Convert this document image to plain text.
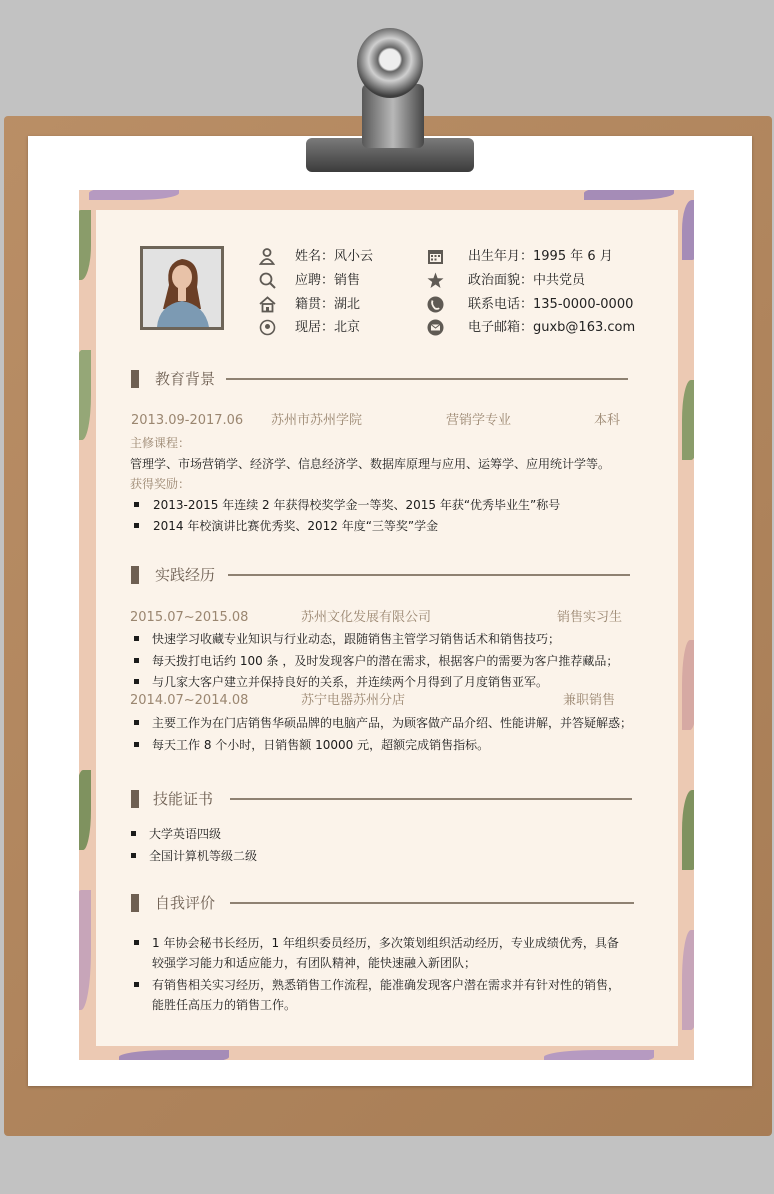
姓名：风小云
应聘：销售
籍贯：湖北
现居：北京
出生年月：1995 年 6 月
政治面貌：中共党员
联系电话：135-0000-0000
电子邮箱：guxb@163.com
教育背景
2013.09-2017.06 苏州市苏州学院	营销学专业	本科
主修课程：
管理学、市场营销学、经济学、信息经济学、数据库原理与应用、运筹学、应用统计学等。
获得奖励：
2013-2015 年连续 2 年获得校奖学金一等奖、2015 年获“优秀毕业生”称号
2014 年校演讲比赛优秀奖、2012 年度“三等奖”学金
实践经历
2015.07~2015.08	苏州文化发展有限公司	销售实习生
快速学习收藏专业知识与行业动态，跟随销售主管学习销售话术和销售技巧；
每天拨打电话约 100 条 ，及时发现客户的潜在需求，根据客户的需要为客户推荐藏品；
与几家大客户建立并保持良好的关系，并连续两个月得到了月度销售亚军。
2014.07~2014.08	苏宁电器苏州分店	兼职销售
主要工作为在门店销售华硕品牌的电脑产品，为顾客做产品介绍、性能讲解，并答疑解惑；
每天工作 8 个小时，日销售额 10000 元，超额完成销售指标。
技能证书
大学英语四级
全国计算机等级二级
自我评价
1 年协会秘书长经历，1 年组织委员经历，多次策划组织活动经历，专业成绩优秀，具备
较强学习能力和适应能力，有团队精神，能快速融入新团队；
有销售相关实习经历，熟悉销售工作流程，能准确发现客户潜在需求并有针对性的销售，
能胜任高压力的销售工作。
